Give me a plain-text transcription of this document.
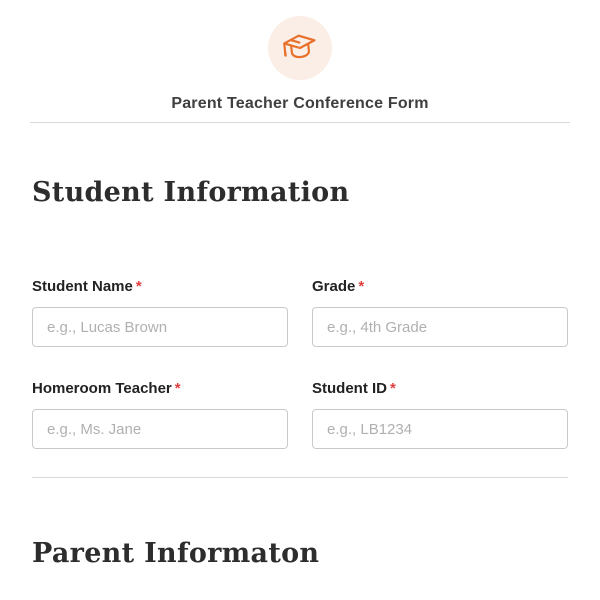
Parent Teacher Conference Form
Student Information
Student Name *
e.g., Lucas Brown	Grade *
e.g., 4th Grade
Homeroom Teacher *
e.g., Ms. Jane	Student ID *
e.g., LB1234
Parent Informaton
